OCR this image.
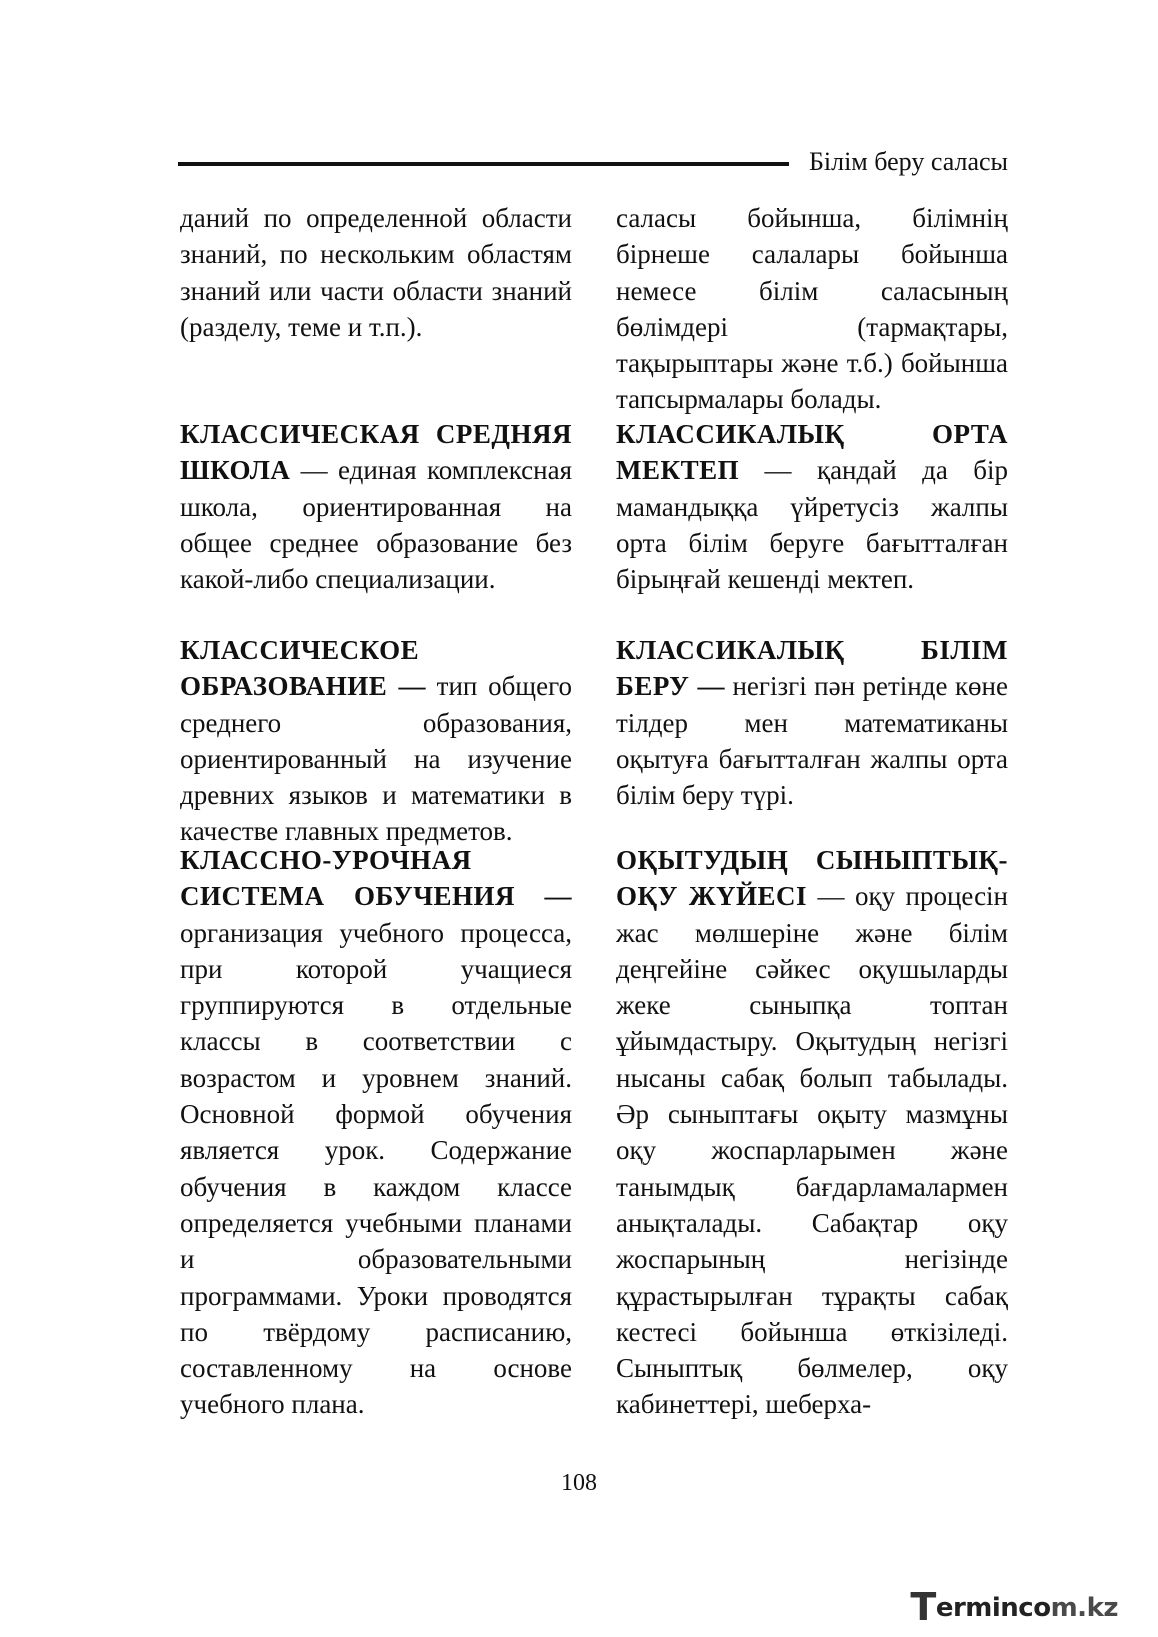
Білім беру саласы

даний по определенной области знаний, по нескольким областям знаний или части области знаний (разделу, теме и т.п.).

КЛАССИЧЕСКАЯ СРЕДНЯЯ ШКОЛА — единая комплексная школа, ориентированная на общее среднее образование без какой-либо специализации.

КЛАССИЧЕСКОЕ ОБРАЗОВАНИЕ — тип общего среднего образования, ориентированный на изучение древних языков и математики в качестве главных предметов.

КЛАССНО-УРОЧНАЯ СИСТЕМА ОБУЧЕНИЯ — организация учебного процесса, при которой учащиеся группируются в отдельные классы в соответствии с возрастом и уровнем знаний. Основной формой обучения является урок. Содержание обучения в каждом классе определяется учебными планами и образовательными программами. Уроки проводятся по твёрдому расписанию, составленному на основе учебного плана.

саласы бойынша, білімнің бірнеше салалары бойынша немесе білім саласының бөлімдері (тармақтары, тақырыптары және т.б.) бойынша тапсырмалары болады.

КЛАССИКАЛЫҚ ОРТА МЕКТЕП — қандай да бір мамандыққа үйретусіз жалпы орта білім беруге бағытталған бірыңғай кешенді мектеп.

КЛАССИКАЛЫҚ БІЛІМ БЕРУ — негізгі пән ретінде көне тілдер мен математиканы оқытуға бағытталған жалпы орта білім беру түрі.

ОҚЫТУДЫҢ СЫНЫПТЫҚ-ОҚУ ЖҮЙЕСІ — оқу процесін жас мөлшеріне және білім деңгейіне сәйкес оқушыларды жеке сыныпқа топтан ұйымдастыру. Оқытудың негізгі нысаны сабақ болып табылады. Әр сыныптағы оқыту мазмұны оқу жоспарларымен және танымдық бағдарламалармен анықталады. Сабақтар оқу жоспарының негізінде құрастырылған тұрақты сабақ кестесі бойынша өткізіледі. Сыныптық бөлмелер, оқу кабинеттері, шеберха-

108
Termincom.kz
